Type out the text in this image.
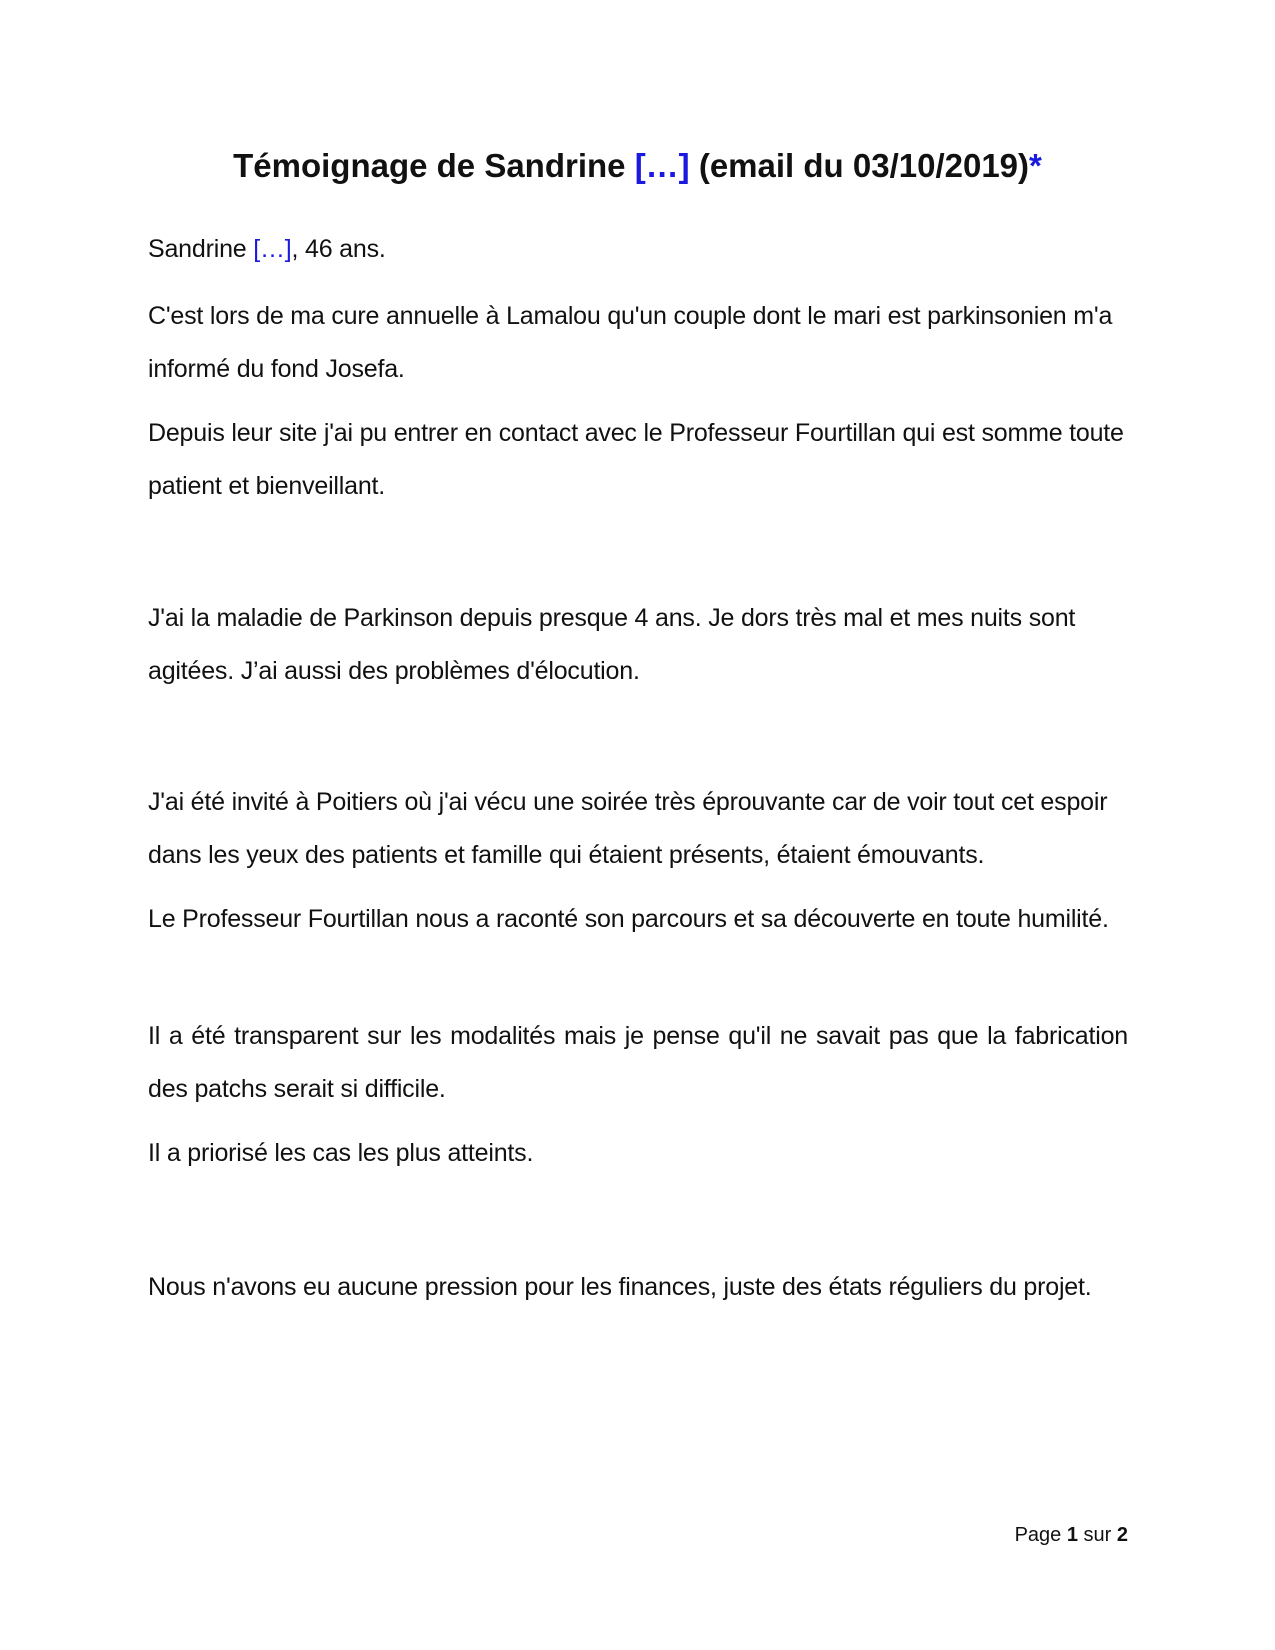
Témoignage de Sandrine […] (email du 03/10/2019)*

Sandrine […], 46 ans.

C'est lors de ma cure annuelle à Lamalou qu'un couple dont le mari est parkinsonien m'a informé du fond Josefa.

Depuis leur site j'ai pu entrer en contact avec le Professeur Fourtillan qui est somme toute patient et bienveillant.

J'ai la maladie de Parkinson depuis presque 4 ans. Je dors très mal et mes nuits sont agitées. J’ai aussi des problèmes d'élocution.

J'ai été invité à Poitiers où j'ai vécu une soirée très éprouvante car de voir tout cet espoir dans les yeux des patients et famille qui étaient présents, étaient émouvants.

Le Professeur Fourtillan nous a raconté son parcours et sa découverte en toute humilité.

Il a été transparent sur les modalités mais je pense qu'il ne savait pas que la fabrication des patchs serait si difficile.

Il a priorisé les cas les plus atteints.

Nous n'avons eu aucune pression pour les finances, juste des états réguliers du projet.

Page 1 sur 2
